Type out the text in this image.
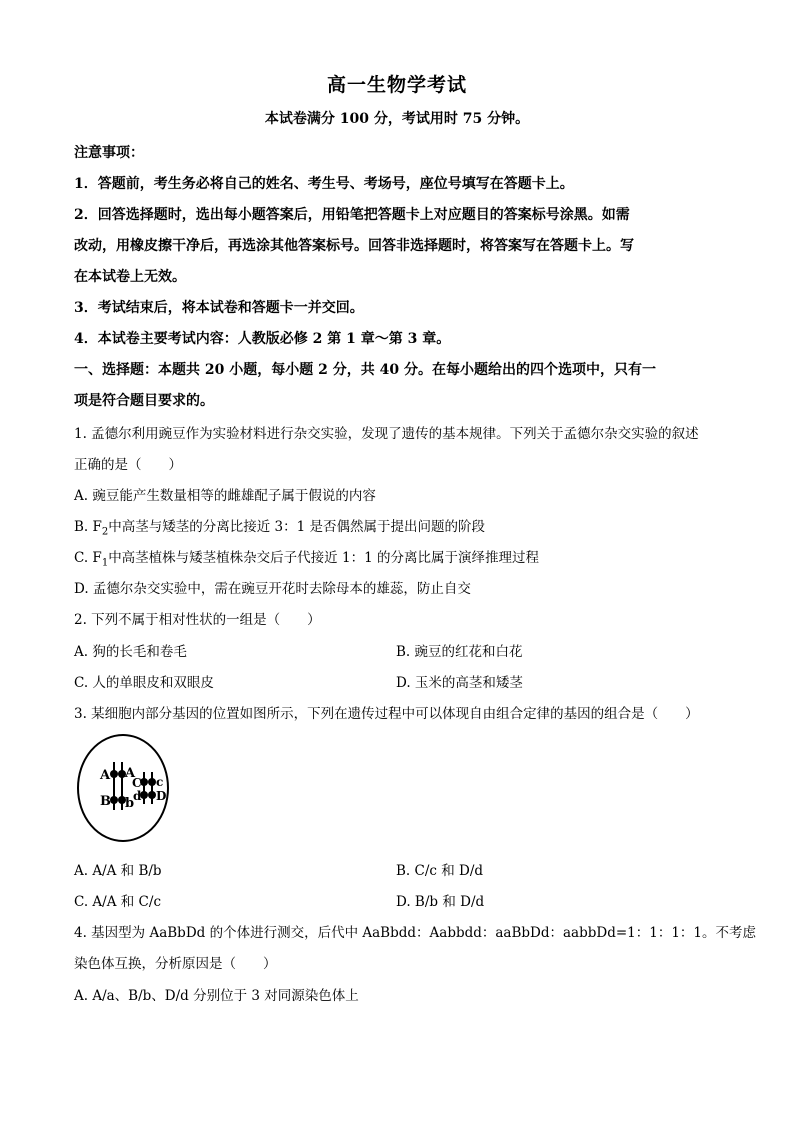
高一生物学考试
本试卷满分 100 分，考试用时 75 分钟。
注意事项：
1．答题前，考生务必将自己的姓名、考生号、考场号，座位号填写在答题卡上。
2．回答选择题时，选出每小题答案后，用铅笔把答题卡上对应题目的答案标号涂黑。如需
改动，用橡皮擦干净后，再选涂其他答案标号。回答非选择题时，将答案写在答题卡上。写
在本试卷上无效。
3．考试结束后，将本试卷和答题卡一并交回。
4．本试卷主要考试内容：人教版必修 2 第 1 章～第 3 章。
一、选择题：本题共 20 小题，每小题 2 分，共 40 分。在每小题给出的四个选项中，只有一
项是符合题目要求的。
1. 孟德尔利用豌豆作为实验材料进行杂交实验，发现了遗传的基本规律。下列关于孟德尔杂交实验的叙述
正确的是（　　）
A. 豌豆能产生数量相等的雌雄配子属于假说的内容
B. $F_2$中高茎与矮茎的分离比接近 3：1 是否偶然属于提出问题的阶段
C. $F_1$中高茎植株与矮茎植株杂交后子代接近 1：1 的分离比属于演绎推理过程
D. 孟德尔杂交实验中，需在豌豆开花时去除母本的雄蕊，防止自交
2. 下列不属于相对性状的一组是（　　）
A. 狗的长毛和卷毛	B. 豌豆的红花和白花
C. 人的单眼皮和双眼皮	D. 玉米的高茎和矮茎
3. 某细胞内部分基因的位置如图所示，下列在遗传过程中可以体现自由组合定律的基因的组合是（　　）
A A
B b
C c
d D
A. A/A 和 B/b	B. C/c 和 D/d
C. A/A 和 C/c	D. B/b 和 D/d
4. 基因型为 AaBbDd 的个体进行测交，后代中 AaBbdd：Aabbdd：aaBbDd：aabbDd=1：1：1：1。不考虑
染色体互换，分析原因是（　　）
A. A/a、B/b、D/d 分别位于 3 对同源染色体上
